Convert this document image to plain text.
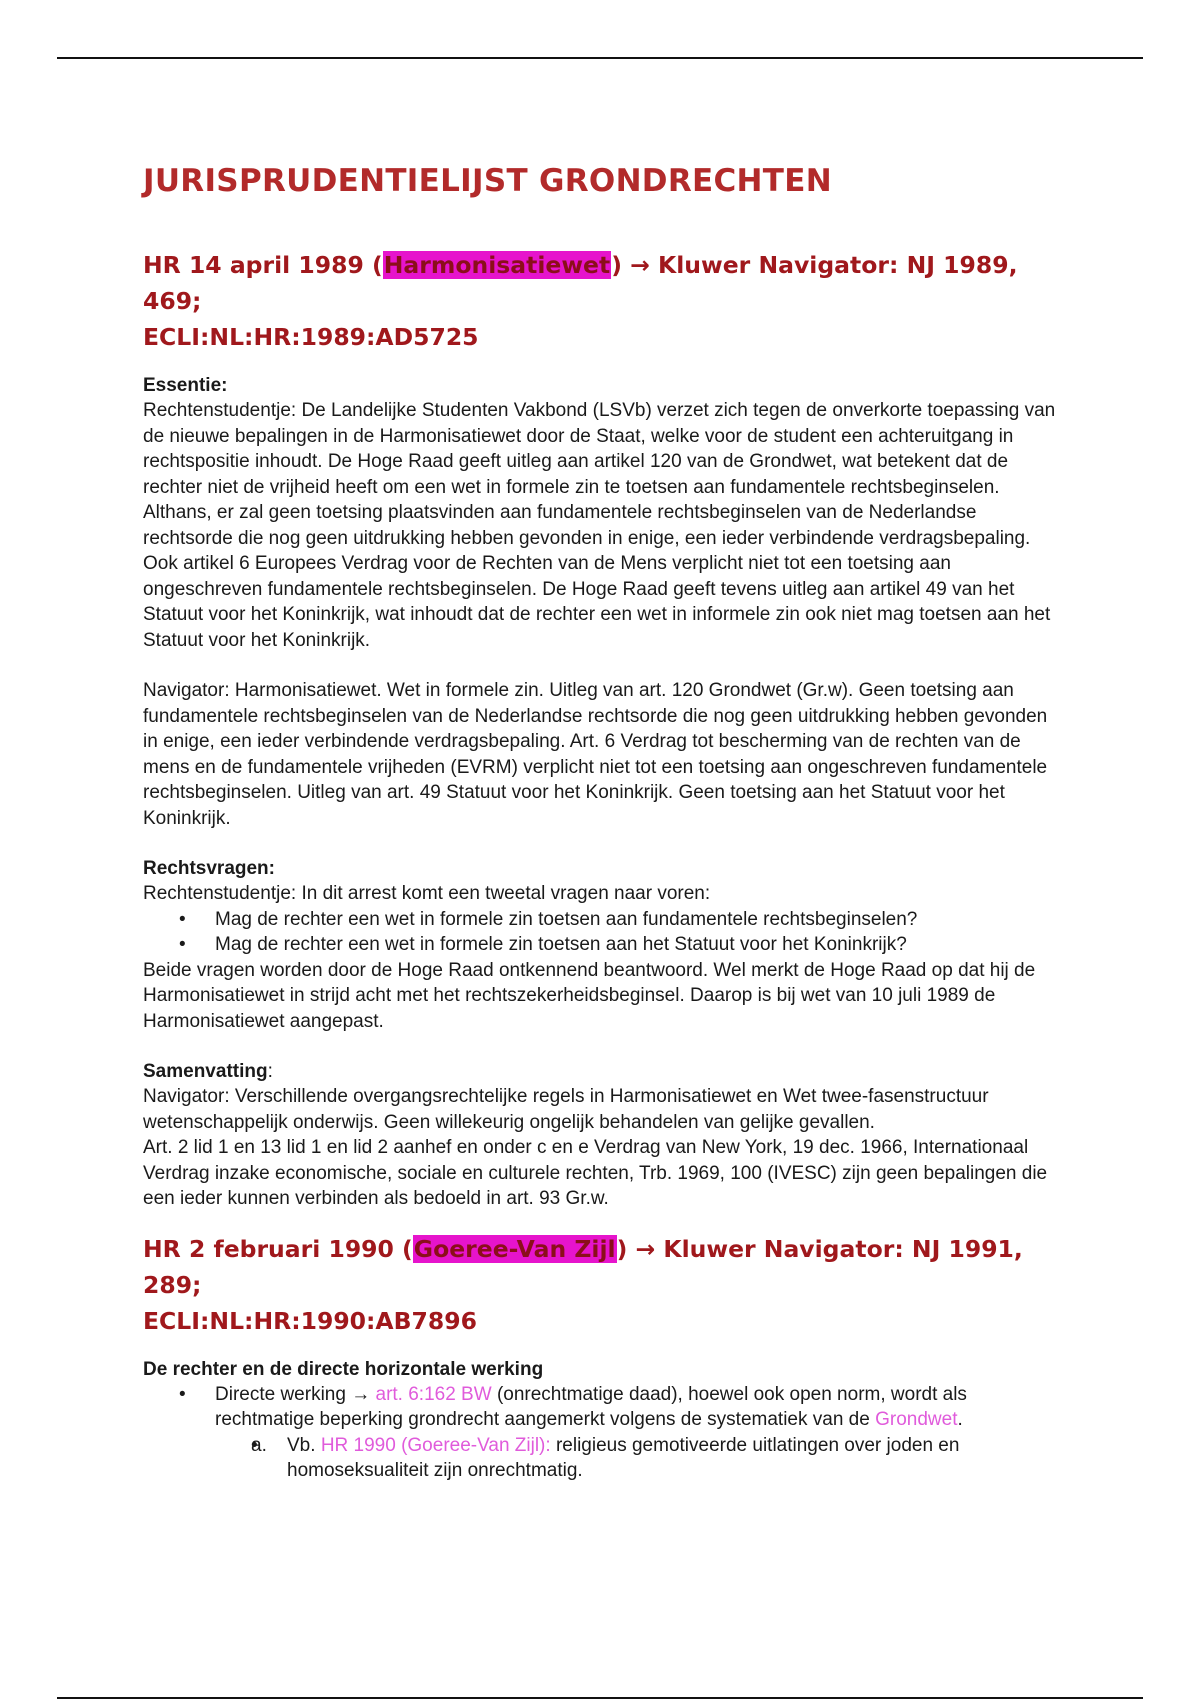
JURISPRUDENTIELIJST GRONDRECHTEN
HR 14 april 1989 (Harmonisatiewet) → Kluwer Navigator: NJ 1989, 469;
ECLI:NL:HR:1989:AD5725
Essentie:

Rechtenstudentje: De Landelijke Studenten Vakbond (LSVb) verzet zich tegen de onverkorte toepassing van de nieuwe bepalingen in de Harmonisatiewet door de Staat, welke voor de student een achteruitgang in rechtspositie inhoudt. De Hoge Raad geeft uitleg aan artikel 120 van de Grondwet, wat betekent dat de rechter niet de vrijheid heeft om een wet in formele zin te toetsen aan fundamentele rechtsbeginselen. Althans, er zal geen toetsing plaatsvinden aan fundamentele rechtsbeginselen van de Nederlandse rechtsorde die nog geen uitdrukking hebben gevonden in enige, een ieder verbindende verdragsbepaling. Ook artikel 6 Europees Verdrag voor de Rechten van de Mens verplicht niet tot een toetsing aan ongeschreven fundamentele rechtsbeginselen. De Hoge Raad geeft tevens uitleg aan artikel 49 van het Statuut voor het Koninkrijk, wat inhoudt dat de rechter een wet in informele zin ook niet mag toetsen aan het Statuut voor het Koninkrijk.

Navigator: Harmonisatiewet. Wet in formele zin. Uitleg van art. 120 Grondwet (Gr.w). Geen toetsing aan fundamentele rechtsbeginselen van de Nederlandse rechtsorde die nog geen uitdrukking hebben gevonden in enige, een ieder verbindende verdragsbepaling. Art. 6 Verdrag tot bescherming van de rechten van de mens en de fundamentele vrijheden (EVRM) verplicht niet tot een toetsing aan ongeschreven fundamentele rechtsbeginselen. Uitleg van art. 49 Statuut voor het Koninkrijk. Geen toetsing aan het Statuut voor het Koninkrijk.

Rechtsvragen:

Rechtenstudentje: In dit arrest komt een tweetal vragen naar voren:

• Mag de rechter een wet in formele zin toetsen aan fundamentele rechtsbeginselen?
• Mag de rechter een wet in formele zin toetsen aan het Statuut voor het Koninkrijk?

Beide vragen worden door de Hoge Raad ontkennend beantwoord. Wel merkt de Hoge Raad op dat hij de Harmonisatiewet in strijd acht met het rechtszekerheidsbeginsel. Daarop is bij wet van 10 juli 1989 de Harmonisatiewet aangepast.

Samenvatting:

Navigator: Verschillende overgangsrechtelijke regels in Harmonisatiewet en Wet twee-fasenstructuur wetenschappelijk onderwijs. Geen willekeurig ongelijk behandelen van gelijke gevallen.

Art. 2 lid 1 en 13 lid 1 en lid 2 aanhef en onder c en e Verdrag van New York, 19 dec. 1966, Internationaal Verdrag inzake economische, sociale en culturele rechten, Trb. 1969, 100 (IVESC) zijn geen bepalingen die een ieder kunnen verbinden als bedoeld in art. 93 Gr.w.

HR 2 februari 1990 (Goeree-Van Zijl) → Kluwer Navigator: NJ 1991, 289;
ECLI:NL:HR:1990:AB7896
De rechter en de directe horizontale werking
• Directe werking → art. 6:162 BW (onrechtmatige daad), hoewel ook open norm, wordt als rechtmatige beperking grondrecht aangemerkt volgens de systematiek van de Grondwet.
• a. Vb. HR 1990 (Goeree-Van Zijl): religieus gemotiveerde uitlatingen over joden en homoseksualiteit zijn onrechtmatig.
